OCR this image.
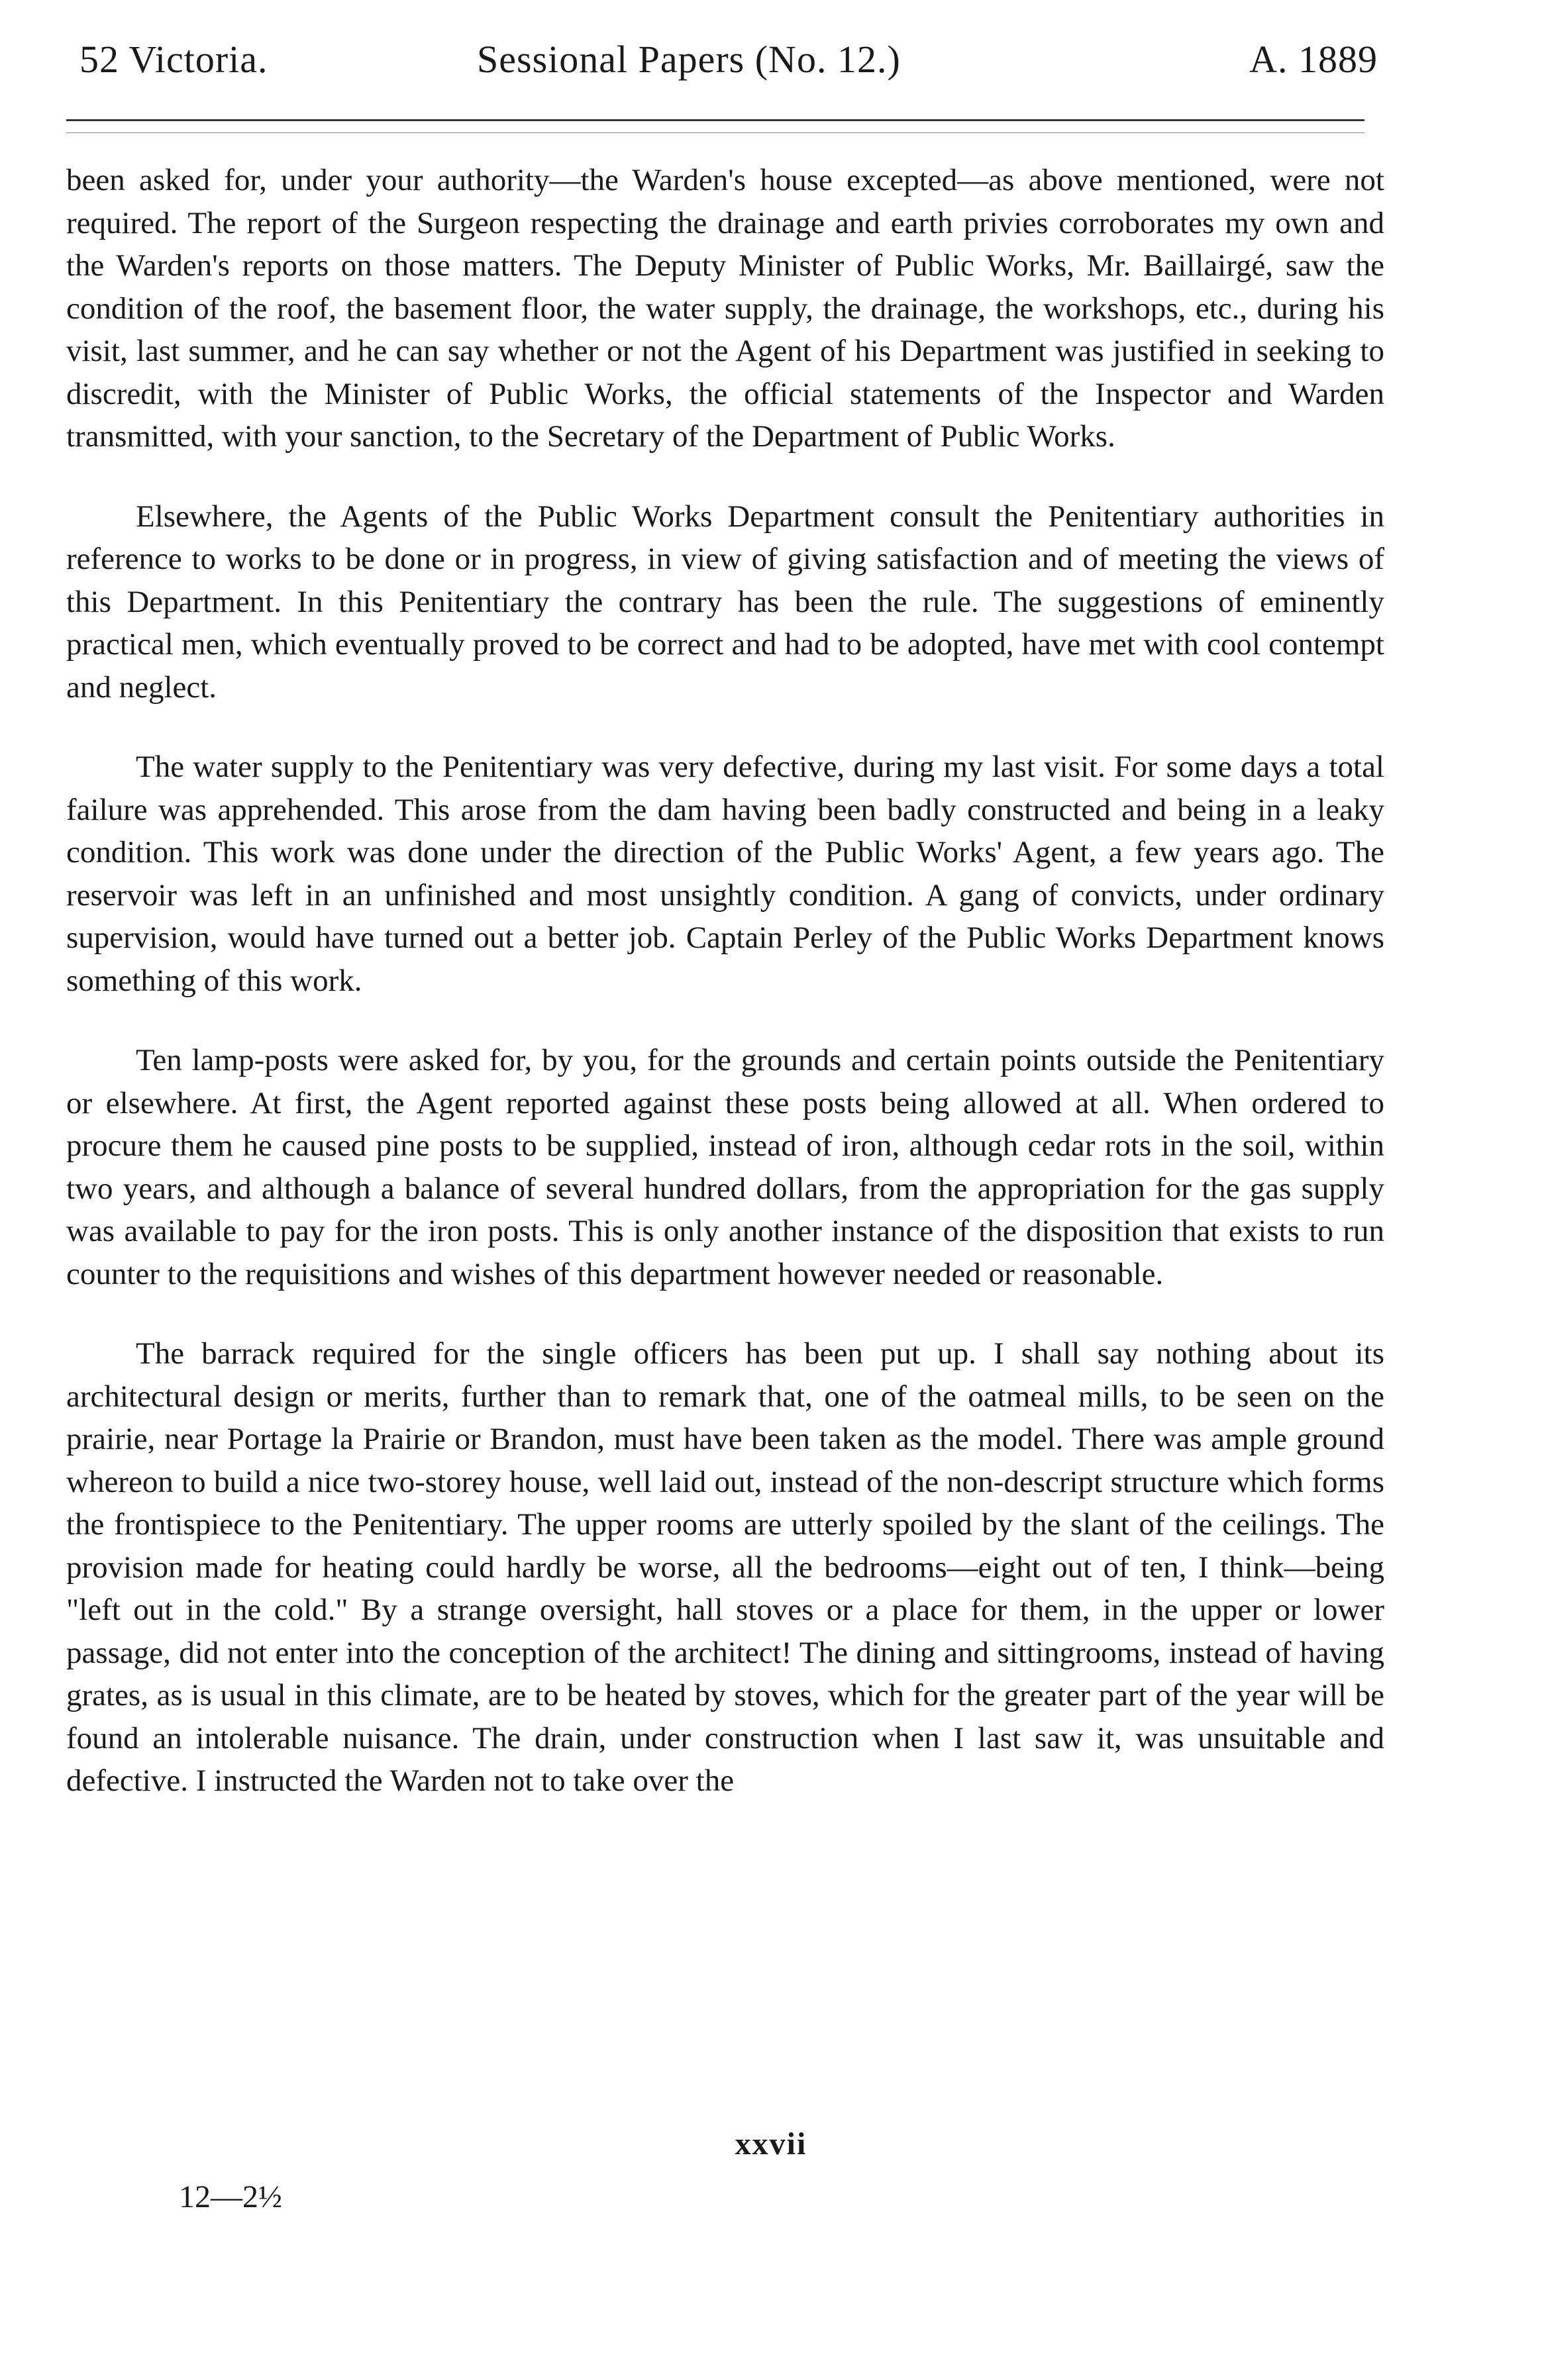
52 Victoria.	Sessional Papers (No. 12.)	A. 1889

been asked for, under your authority—the Warden's house excepted—as above mentioned, were not required. The report of the Surgeon respecting the drainage and earth privies corroborates my own and the Warden's reports on those matters. The Deputy Minister of Public Works, Mr. Baillairgé, saw the condition of the roof, the basement floor, the water supply, the drainage, the workshops, etc., during his visit, last summer, and he can say whether or not the Agent of his Department was justified in seeking to discredit, with the Minister of Public Works, the official statements of the Inspector and Warden transmitted, with your sanction, to the Secretary of the Department of Public Works.

Elsewhere, the Agents of the Public Works Department consult the Penitentiary authorities in reference to works to be done or in progress, in view of giving satisfaction and of meeting the views of this Department. In this Penitentiary the contrary has been the rule. The suggestions of eminently practical men, which eventually proved to be correct and had to be adopted, have met with cool contempt and neglect.

The water supply to the Penitentiary was very defective, during my last visit. For some days a total failure was apprehended. This arose from the dam having been badly constructed and being in a leaky condition. This work was done under the direction of the Public Works' Agent, a few years ago. The reservoir was left in an unfinished and most unsightly condition. A gang of convicts, under ordinary supervision, would have turned out a better job. Captain Perley of the Public Works Department knows something of this work.

Ten lamp-posts were asked for, by you, for the grounds and certain points outside the Penitentiary or elsewhere. At first, the Agent reported against these posts being allowed at all. When ordered to procure them he caused pine posts to be supplied, instead of iron, although cedar rots in the soil, within two years, and although a balance of several hundred dollars, from the appropriation for the gas supply was available to pay for the iron posts. This is only another instance of the disposition that exists to run counter to the requisitions and wishes of this department however needed or reasonable.

The barrack required for the single officers has been put up. I shall say nothing about its architectural design or merits, further than to remark that, one of the oatmeal mills, to be seen on the prairie, near Portage la Prairie or Brandon, must have been taken as the model. There was ample ground whereon to build a nice two-storey house, well laid out, instead of the non-descript structure which forms the frontispiece to the Penitentiary. The upper rooms are utterly spoiled by the slant of the ceilings. The provision made for heating could hardly be worse, all the bedrooms—eight out of ten, I think—being "left out in the cold." By a strange oversight, hall stoves or a place for them, in the upper or lower passage, did not enter into the conception of the architect! The dining and sittingrooms, instead of having grates, as is usual in this climate, are to be heated by stoves, which for the greater part of the year will be found an intolerable nuisance. The drain, under construction when I last saw it, was unsuitable and defective. I instructed the Warden not to take over the

xxvii
12—2½
